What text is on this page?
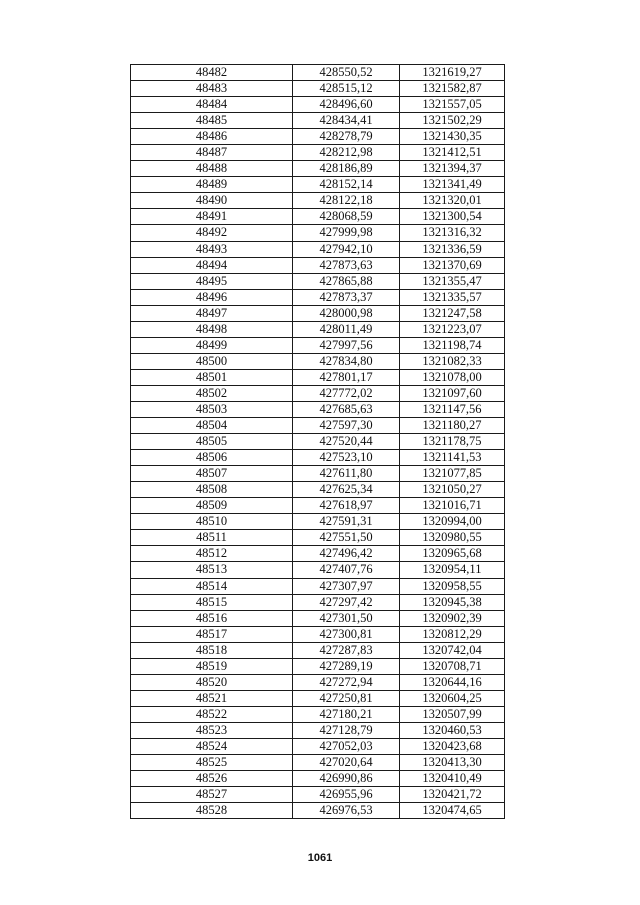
48482	428550,52	1321619,27
48483	428515,12	1321582,87
48484	428496,60	1321557,05
48485	428434,41	1321502,29
48486	428278,79	1321430,35
48487	428212,98	1321412,51
48488	428186,89	1321394,37
48489	428152,14	1321341,49
48490	428122,18	1321320,01
48491	428068,59	1321300,54
48492	427999,98	1321316,32
48493	427942,10	1321336,59
48494	427873,63	1321370,69
48495	427865,88	1321355,47
48496	427873,37	1321335,57
48497	428000,98	1321247,58
48498	428011,49	1321223,07
48499	427997,56	1321198,74
48500	427834,80	1321082,33
48501	427801,17	1321078,00
48502	427772,02	1321097,60
48503	427685,63	1321147,56
48504	427597,30	1321180,27
48505	427520,44	1321178,75
48506	427523,10	1321141,53
48507	427611,80	1321077,85
48508	427625,34	1321050,27
48509	427618,97	1321016,71
48510	427591,31	1320994,00
48511	427551,50	1320980,55
48512	427496,42	1320965,68
48513	427407,76	1320954,11
48514	427307,97	1320958,55
48515	427297,42	1320945,38
48516	427301,50	1320902,39
48517	427300,81	1320812,29
48518	427287,83	1320742,04
48519	427289,19	1320708,71
48520	427272,94	1320644,16
48521	427250,81	1320604,25
48522	427180,21	1320507,99
48523	427128,79	1320460,53
48524	427052,03	1320423,68
48525	427020,64	1320413,30
48526	426990,86	1320410,49
48527	426955,96	1320421,72
48528	426976,53	1320474,65
1061
